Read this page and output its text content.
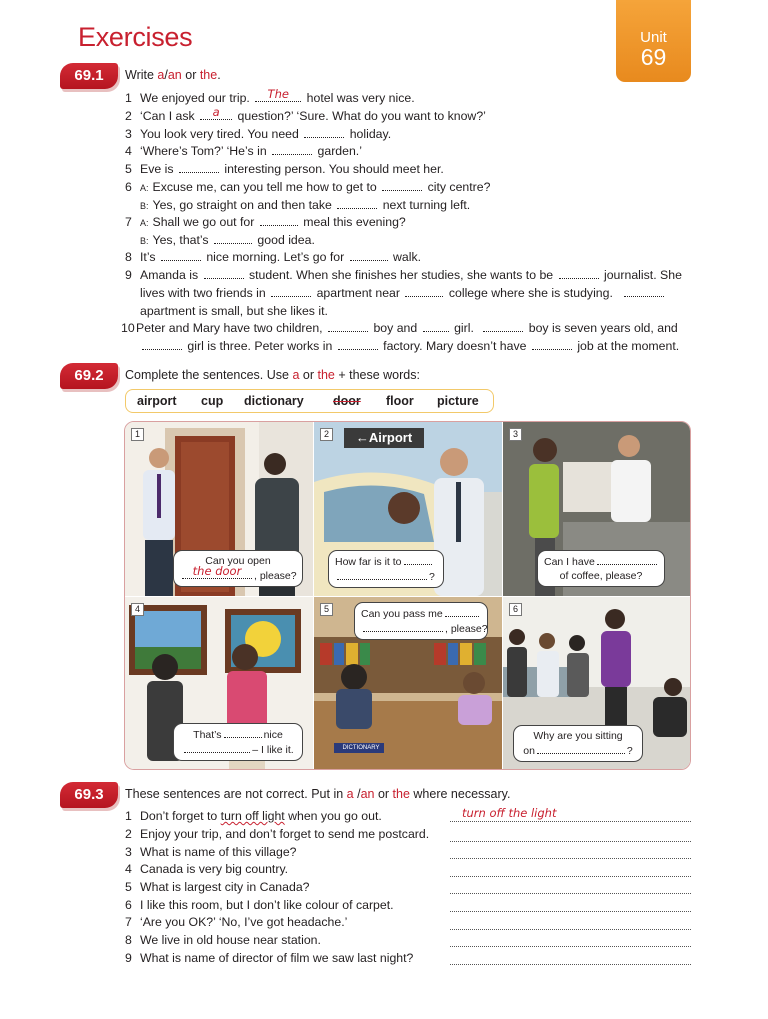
Exercises	Unit
69
69.1	Write a/an or the.
1 We enjoyed our trip.	The	hotel was very nice.
2 ‘Can I ask	a	question?’ ‘Sure. What do you want to know?’
3 You look very tired. You need	holiday.
4 ‘Where’s Tom?’ ‘He’s in	garden.’
5 Eve is	interesting person. You should meet her.
6 A: Excuse me, can you tell me how to get to	city centre?
B: Yes, go straight on and then take	next turning left.
7 A: Shall we go out for	meal this evening?
B: Yes, that’s	good idea.
8 It’s	nice morning. Let’s go for	walk.
9 Amanda is	student. When she finishes her studies, she wants to be	journalist. She
lives with two friends in	apartment near	college where she is studying.
apartment is small, but she likes it.
10Peter and Mary have two children,	boy and	girl.	boy is seven years old, and
girl is three. Peter works in	factory. Mary doesn’t have	job at the moment.
69.2	Complete the sentences. Use a or the + these words:
airport cup dictionary door floor picture
1
Can you open
the door	, please?
2	←Airport
How far is it to
?
3
Can I have
of coffee, please?
4
That’s	nice
– I like it.
5
DICTIONARY
Can you pass me
, please?
6
Why are you sitting
on	?
69.3	These sentences are not correct. Put in a /an or the where necessary.
1 Don’t forget to turn off light when you go out.	turn off the light
2 Enjoy your trip, and don’t forget to send me postcard.
3 What is name of this village?
4 Canada is very big country.
5 What is largest city in Canada?
6 I like this room, but I don’t like colour of carpet.
7 ‘Are you OK?’ ‘No, I’ve got headache.’
8 We live in old house near station.
9 What is name of director of film we saw last night?
